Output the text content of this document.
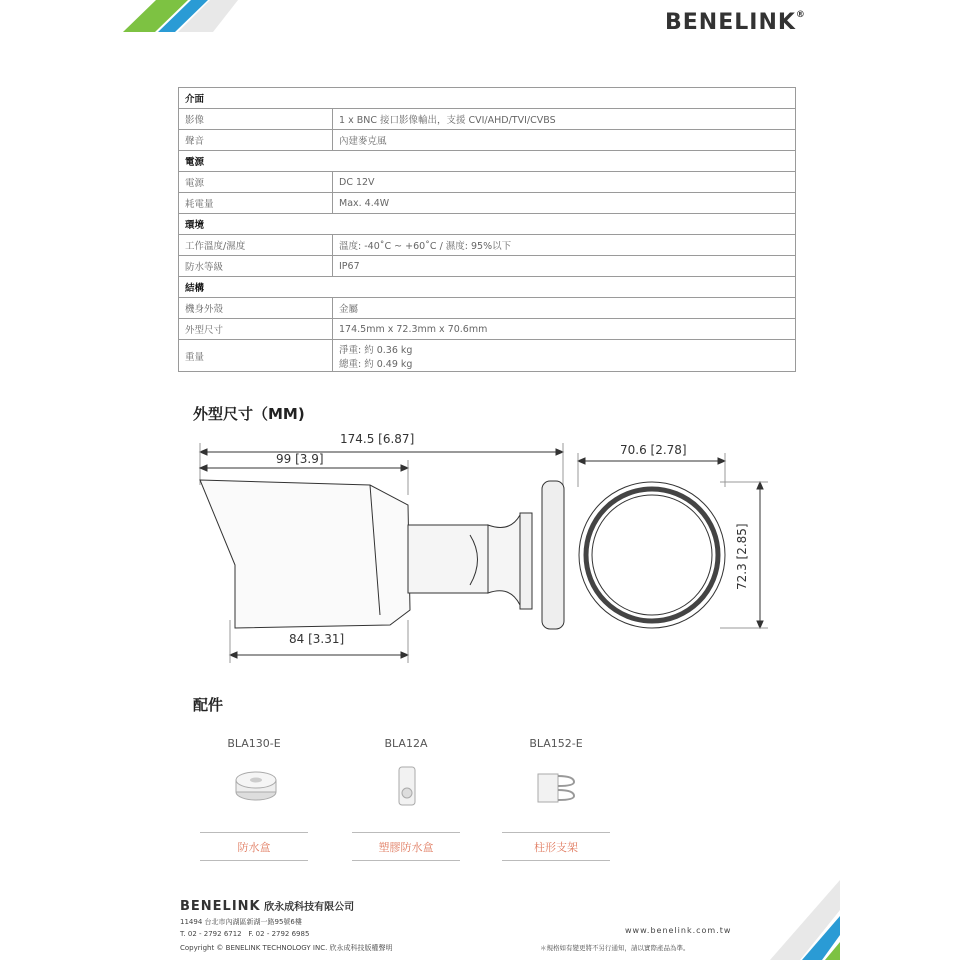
BENELINK®
介面	
影像	1 x BNC 接口影像輸出，支援 CVI/AHD/TVI/CVBS
聲音	內建麥克風
電源	
電源	DC 12V
耗電量	Max. 4.4W
環境	
工作溫度/濕度	溫度: -40˚C ~ +60˚C / 濕度: 95%以下
防水等級	IP67
結構	
機身外殼	金屬
外型尺寸	174.5mm x 72.3mm x 70.6mm
重量	淨重: 約 0.36 kg
總重: 約 0.49 kg
外型尺寸（MM)
174.5 [6.87]
99 [3.9]
84 [3.31]
70.6 [2.78]
72.3 [2.85]
配件
BLA130-E	BLA12A	BLA152-E
防水盒	塑膠防水盒	柱形支架
BENELINK 欣永成科技有限公司
11494 台北市內湖區新湖一路95號6樓
T. 02 - 2792 6712 F. 02 - 2792 6985
Copyright © BENELINK TECHNOLOGY INC. 欣永成科技版權聲明
www.benelink.com.tw
＊規格如有變更將不另行通知，請以實際產品為準。
